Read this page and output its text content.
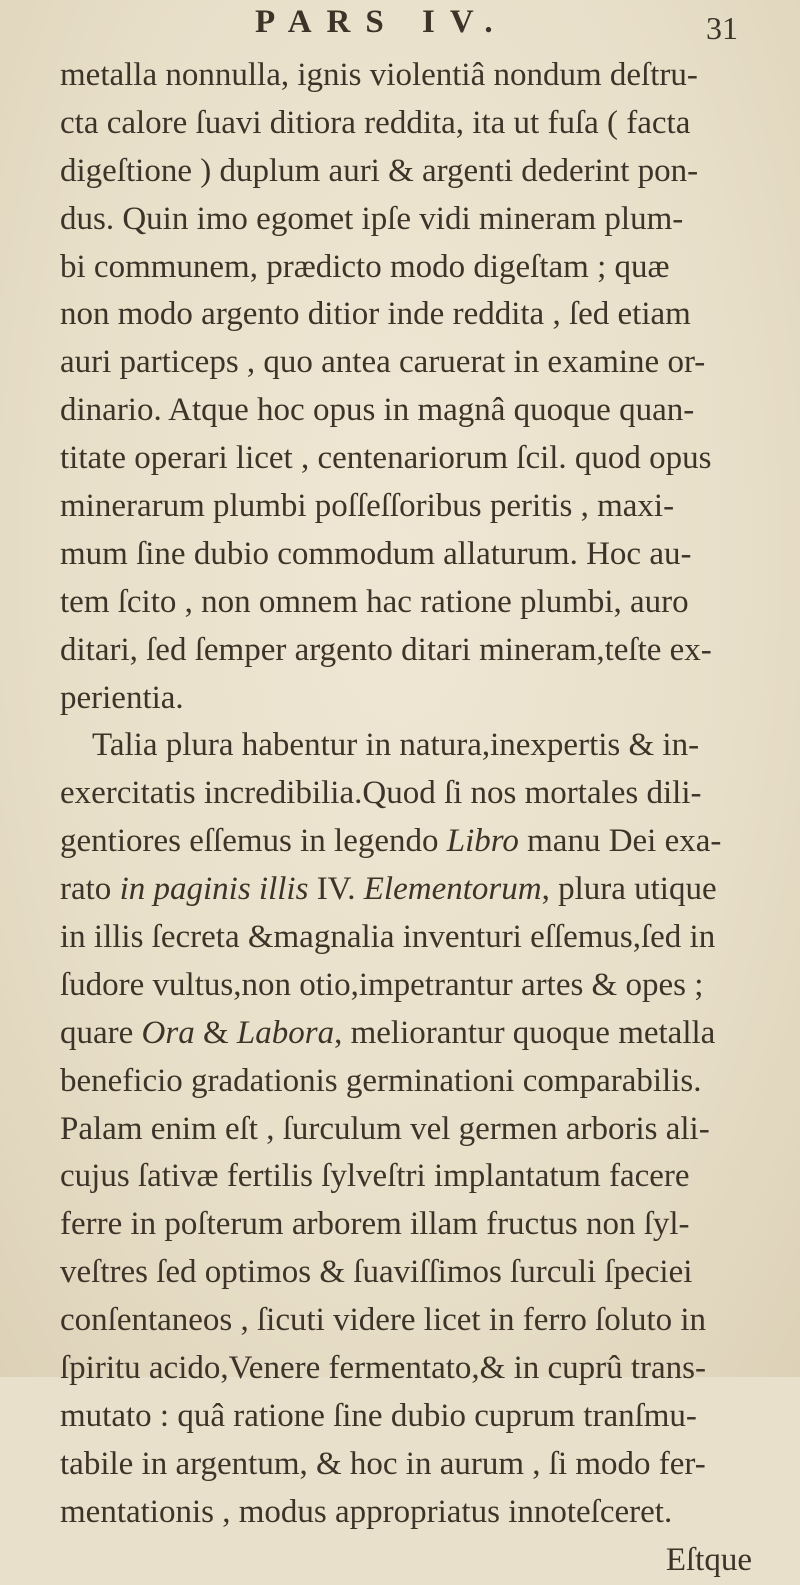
PARS IV.	31
metalla nonnulla, ignis violentiâ nondum deſtru-
cta calore ſuavi ditiora reddita, ita ut fuſa ( facta
digeſtione ) duplum auri & argenti dederint pon-
dus. Quin imo egomet ipſe vidi mineram plum-
bi communem, prædicto modo digeſtam ; quæ
non modo argento ditior inde reddita , ſed etiam
auri particeps , quo antea caruerat in examine or-
dinario. Atque hoc opus in magnâ quoque quan-
titate operari licet , centenariorum ſcil. quod opus
minerarum plumbi poſſeſſoribus peritis , maxi-
mum ſine dubio commodum allaturum. Hoc au-
tem ſcito , non omnem hac ratione plumbi, auro
ditari, ſed ſemper argento ditari mineram,teſte ex-
perientia.
Talia plura habentur in natura,inexpertis & in-
exercitatis incredibilia.Quod ſi nos mortales dili-
gentiores eſſemus in legendo Libro manu Dei exa-
rato in paginis illis IV. Elementorum, plura utique
in illis ſecreta &magnalia inventuri eſſemus,ſed in
ſudore vultus,non otio,impetrantur artes & opes ;
quare Ora & Labora, meliorantur quoque metalla
beneficio gradationis germinationi comparabilis.
Palam enim eſt , ſurculum vel germen arboris ali-
cujus ſativæ fertilis ſylveſtri implantatum facere
ferre in poſterum arborem illam fructus non ſyl-
veſtres ſed optimos & ſuaviſſimos ſurculi ſpeciei
conſentaneos , ſicuti videre licet in ferro ſoluto in
ſpiritu acido,Venere fermentato,& in cuprû trans-
mutato : quâ ratione ſine dubio cuprum tranſmu-
tabile in argentum, & hoc in aurum , ſi modo fer-
mentationis , modus appropriatus innoteſceret.
Eſtque
